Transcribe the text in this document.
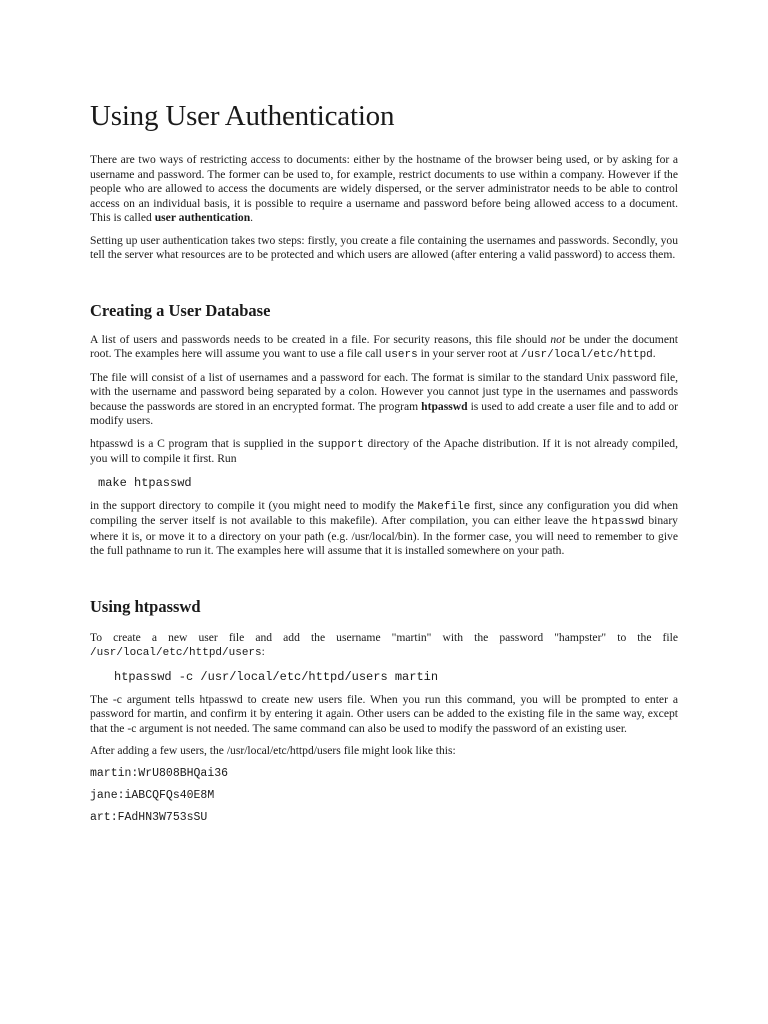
Using User Authentication

There are two ways of restricting access to documents: either by the hostname of the browser being used, or by asking for a username and password. The former can be used to, for example, restrict documents to use within a company. However if the people who are allowed to access the documents are widely dispersed, or the server administrator needs to be able to control access on an individual basis, it is possible to require a username and password before being allowed access to a document. This is called user authentication.

Setting up user authentication takes two steps: firstly, you create a file containing the usernames and passwords. Secondly, you tell the server what resources are to be protected and which users are allowed (after entering a valid password) to access them.

Creating a User Database

A list of users and passwords needs to be created in a file. For security reasons, this file should not be under the document root. The examples here will assume you want to use a file call users in your server root at /usr/local/etc/httpd.

The file will consist of a list of usernames and a password for each. The format is similar to the standard Unix password file, with the username and password being separated by a colon. However you cannot just type in the usernames and passwords because the passwords are stored in an encrypted format. The program htpasswd is used to add create a user file and to add or modify users.

htpasswd is a C program that is supplied in the support directory of the Apache distribution. If it is not already compiled, you will to compile it first. Run

make htpasswd

in the support directory to compile it (you might need to modify the Makefile first, since any configuration you did when compiling the server itself is not available to this makefile). After compilation, you can either leave the htpasswd binary where it is, or move it to a directory on your path (e.g. /usr/local/bin). In the former case, you will need to remember to give the full pathname to run it. The examples here will assume that it is installed somewhere on your path.

Using htpasswd

To create a new user file and add the username "martin" with the password "hampster" to the file /usr/local/etc/httpd/users:

htpasswd -c /usr/local/etc/httpd/users martin

The -c argument tells htpasswd to create new users file. When you run this command, you will be prompted to enter a password for martin, and confirm it by entering it again. Other users can be added to the existing file in the same way, except that the -c argument is not needed. The same command can also be used to modify the password of an existing user.

After adding a few users, the /usr/local/etc/httpd/users file might look like this:

martin:WrU808BHQai36
jane:iABCQFQs40E8M
art:FAdHN3W753sSU
